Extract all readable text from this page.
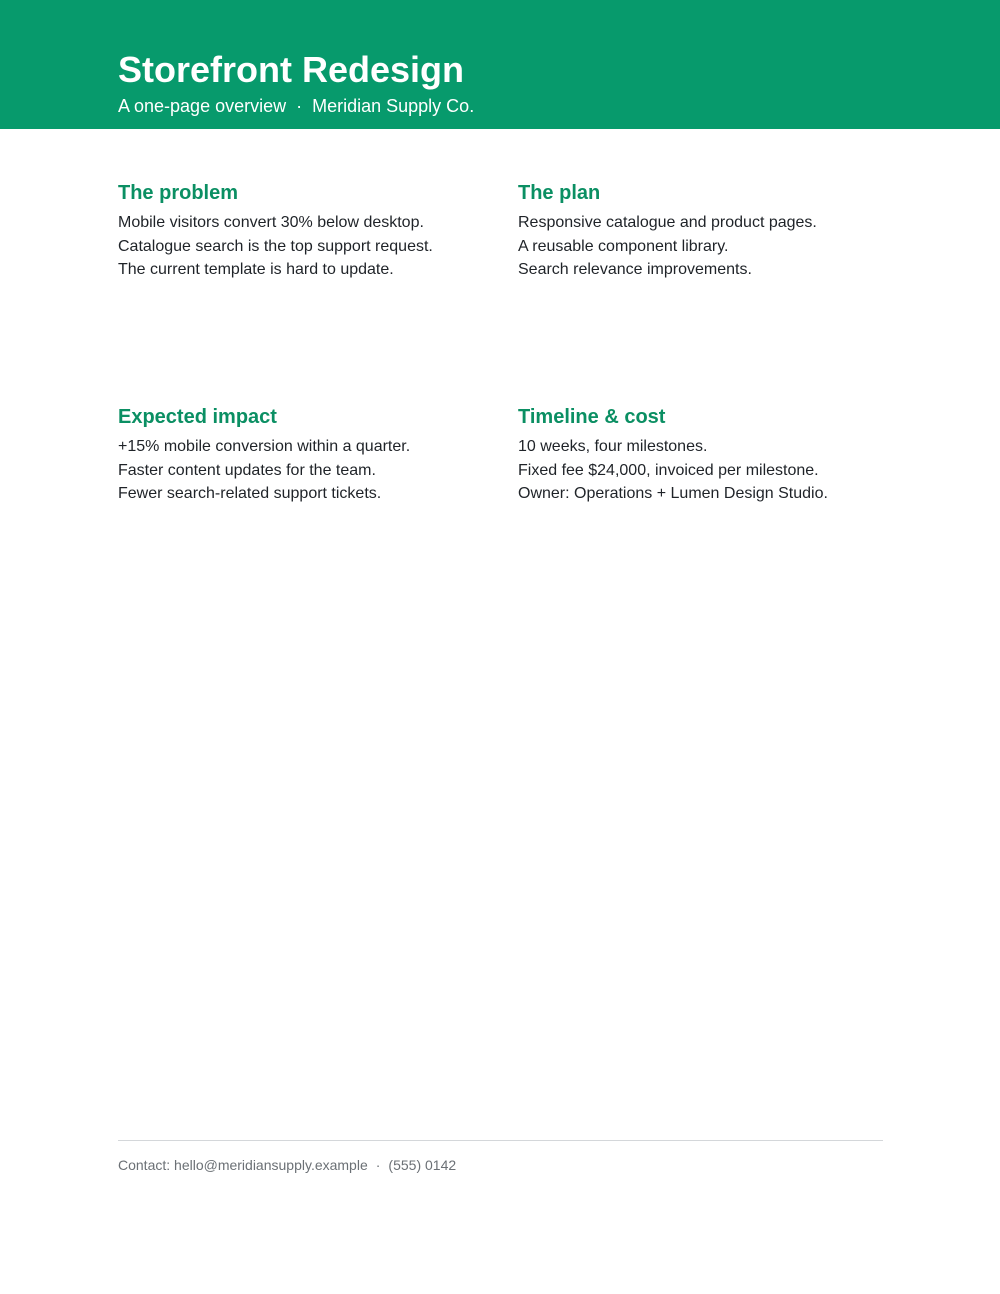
Storefront Redesign
A one-page overview · Meridian Supply Co.
The problem
Mobile visitors convert 30% below desktop.
Catalogue search is the top support request.
The current template is hard to update.
The plan
Responsive catalogue and product pages.
A reusable component library.
Search relevance improvements.
Expected impact
+15% mobile conversion within a quarter.
Faster content updates for the team.
Fewer search-related support tickets.
Timeline & cost
10 weeks, four milestones.
Fixed fee $24,000, invoiced per milestone.
Owner: Operations + Lumen Design Studio.
Contact: hello@meridiansupply.example · (555) 0142
